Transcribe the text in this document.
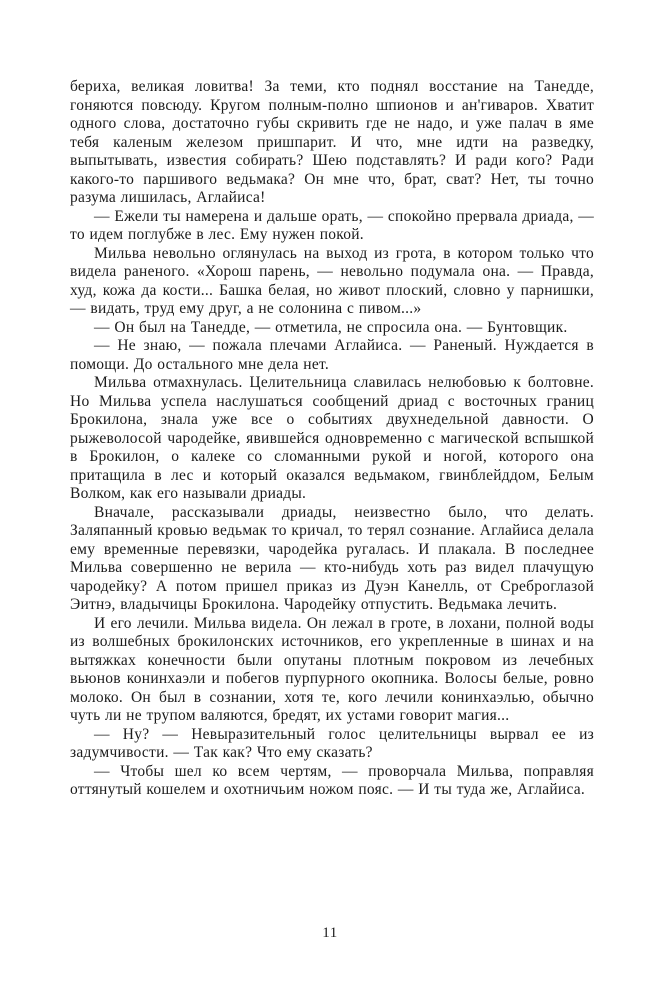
бериха, великая ловитва! За теми, кто поднял восстание на Танедде, гоняются повсюду. Кругом полным-полно шпионов и ан'гиваров. Хватит одного слова, достаточно губы скривить где не надо, и уже палач в яме тебя каленым железом пришпарит. И что, мне идти на разведку, выпытывать, известия собирать? Шею подставлять? И ради кого? Ради какого-то паршивого ведьмака? Он мне что, брат, сват? Нет, ты точно разума лишилась, Аглайиса!

— Ежели ты намерена и дальше орать, — спокойно прервала дриада, — то идем поглубже в лес. Ему нужен покой.

Мильва невольно оглянулась на выход из грота, в котором только что видела раненого. «Хорош парень, — невольно подумала она. — Правда, худ, кожа да кости... Башка белая, но живот плоский, словно у парнишки, — видать, труд ему друг, а не солонина с пивом...»

— Он был на Танедде, — отметила, не спросила она. — Бунтовщик.

— Не знаю, — пожала плечами Аглайиса. — Раненый. Нуждается в помощи. До остального мне дела нет.

Мильва отмахнулась. Целительница славилась нелюбовью к болтовне. Но Мильва успела наслушаться сообщений дриад с восточных границ Брокилона, знала уже все о событиях двухнедельной давности. О рыжеволосой чародейке, явившейся одновременно с магической вспышкой в Брокилон, о калеке со сломанными рукой и ногой, которого она притащила в лес и который оказался ведьмаком, гвинблейддом, Белым Волком, как его называли дриады.

Вначале, рассказывали дриады, неизвестно было, что делать. Заляпанный кровью ведьмак то кричал, то терял сознание. Аглайиса делала ему временные перевязки, чародейка ругалась. И плакала. В последнее Мильва совершенно не верила — кто-нибудь хоть раз видел плачущую чародейку? А потом пришел приказ из Дуэн Канелль, от Среброглазой Эитнэ, владычицы Брокилона. Чародейку отпустить. Ведьмака лечить.

И его лечили. Мильва видела. Он лежал в гроте, в лохани, полной воды из волшебных брокилонских источников, его укрепленные в шинах и на вытяжках конечности были опутаны плотным покровом из лечебных вьюнов конинхаэли и побегов пурпурного окопника. Волосы белые, ровно молоко. Он был в сознании, хотя те, кого лечили конинхаэлью, обычно чуть ли не трупом валяются, бредят, их устами говорит магия...

— Ну? — Невыразительный голос целительницы вырвал ее из задумчивости. — Так как? Что ему сказать?

— Чтобы шел ко всем чертям, — проворчала Мильва, поправляя оттянутый кошелем и охотничьим ножом пояс. — И ты туда же, Аглайиса.

11
